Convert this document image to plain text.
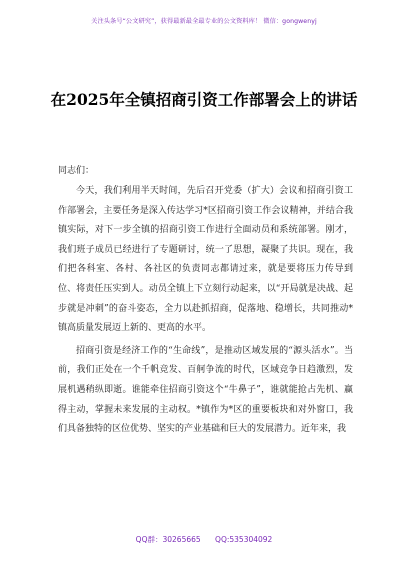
关注头条号“公文研究”，获得最新最全最专业的公文资料库！ 微信：gongwenyj
在2025年全镇招商引资工作部署会上的讲话
同志们：

今天，我们利用半天时间，先后召开党委（扩大）会议和招商引资工作部署会，主要任务是深入传达学习*区招商引资工作会议精神，并结合我镇实际，对下一步全镇的招商引资工作进行全面动员和系统部署。刚才，我们班子成员已经进行了专题研讨，统一了思想，凝聚了共识。现在，我们把各科室、各村、各社区的负责同志都请过来，就是要将压力传导到位、将责任压实到人。动员全镇上下立刻行动起来，以“开局就是决战、起步就是冲刺”的奋斗姿态，全力以赴抓招商，促落地、稳增长，共同推动*镇高质量发展迈上新的、更高的水平。

招商引资是经济工作的“生命线”，是推动区域发展的“源头活水”。当前，我们正处在一个千帆竞发、百舸争流的时代，区域竞争日趋激烈，发展机遇稍纵即逝。谁能牵住招商引资这个“牛鼻子”，谁就能抢占先机、赢得主动，掌握未来发展的主动权。*镇作为*区的重要板块和对外窗口，我们具备独特的区位优势、坚实的产业基础和巨大的发展潜力。近年来，我

QQ群：30265665 QQ:535304092
